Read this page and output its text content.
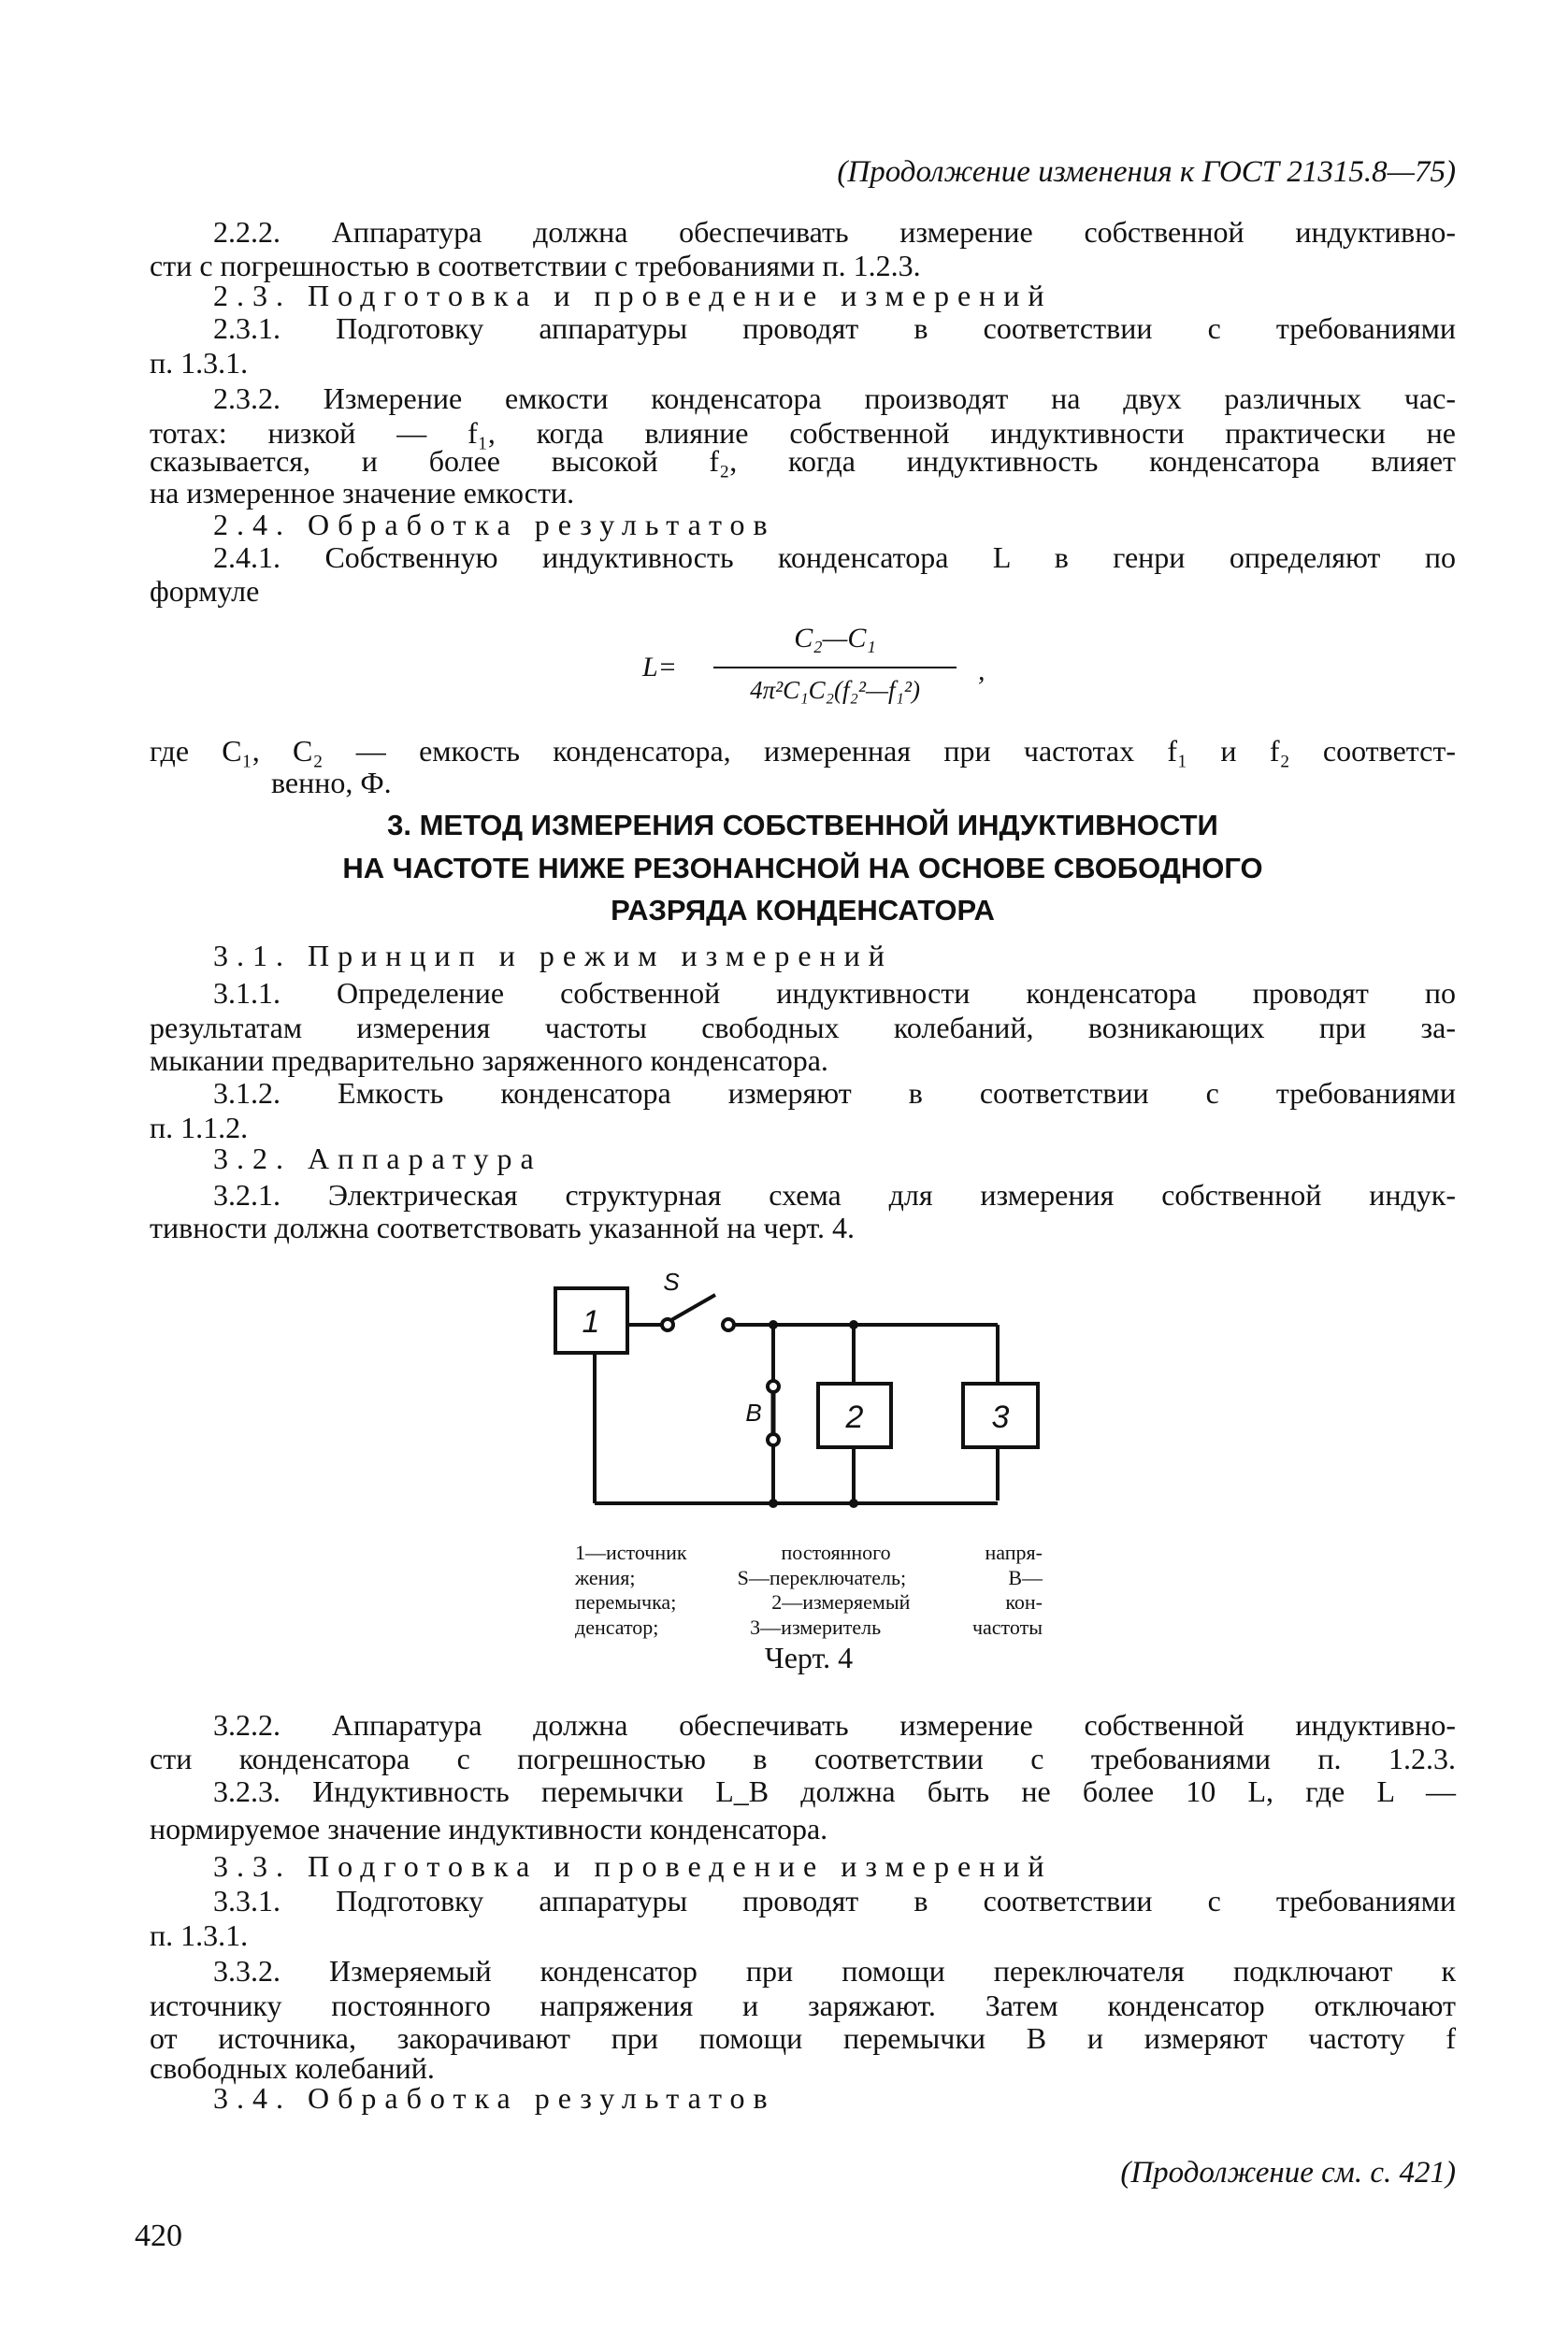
(Продолжение изменения к ГОСТ 21315.8—75)
2.2.2. Аппаратура должна обеспечивать измерение собственной индуктивно-
сти с погрешностью в соответствии с требованиями п. 1.2.3.
2.3. Подготовка и проведение измерений
2.3.1. Подготовку аппаратуры проводят в соответствии с требованиями
п. 1.3.1.
2.3.2. Измерение емкости конденсатора производят на двух различных час-
тотах: низкой — f₁, когда влияние собственной индуктивности практически не
сказывается, и более высокой f₂, когда индуктивность конденсатора влияет
на измеренное значение емкости.
2.4. Обработка результатов
2.4.1. Собственную индуктивность конденсатора L в генри определяют по
формуле
L=
C₂—C₁
4π²C₁C₂(f₂²—f₁²)
,
где C₁, C₂ — емкость конденсатора, измеренная при частотах f₁ и f₂ соответст-
венно, Ф.
3. МЕТОД ИЗМЕРЕНИЯ СОБСТВЕННОЙ ИНДУКТИВНОСТИ
НА ЧАСТОТЕ НИЖЕ РЕЗОНАНСНОЙ НА ОСНОВЕ СВОБОДНОГО
РАЗРЯДА КОНДЕНСАТОРА
3.1. Принцип и режим измерений
3.1.1. Определение собственной индуктивности конденсатора проводят по
результатам измерения частоты свободных колебаний, возникающих при за-
мыкании предварительно заряженного конденсатора.
3.1.2. Емкость конденсатора измеряют в соответствии с требованиями
п. 1.1.2.
3.2. Аппаратура
3.2.1. Электрическая структурная схема для измерения собственной индук-
тивности должна соответствовать указанной на черт. 4.
1
2	3
S
B
1—источник постоянного напря-
жения; S—переключатель; B—
перемычка; 2—измеряемый кон-
денсатор; 3—измеритель частоты
Черт. 4
3.2.2. Аппаратура должна обеспечивать измерение собственной индуктивно-
сти конденсатора с погрешностью в соответствии с требованиями п. 1.2.3.
3.2.3. Индуктивность перемычки L_B должна быть не более 10 L, где L —
нормируемое значение индуктивности конденсатора.
3.3. Подготовка и проведение измерений
3.3.1. Подготовку аппаратуры проводят в соответствии с требованиями
п. 1.3.1.
3.3.2. Измеряемый конденсатор при помощи переключателя подключают к
источнику постоянного напряжения и заряжают. Затем конденсатор отключают
от источника, закорачивают при помощи перемычки B и измеряют частоту f
свободных колебаний.
3.4. Обработка результатов
(Продолжение см. с. 421)
420
